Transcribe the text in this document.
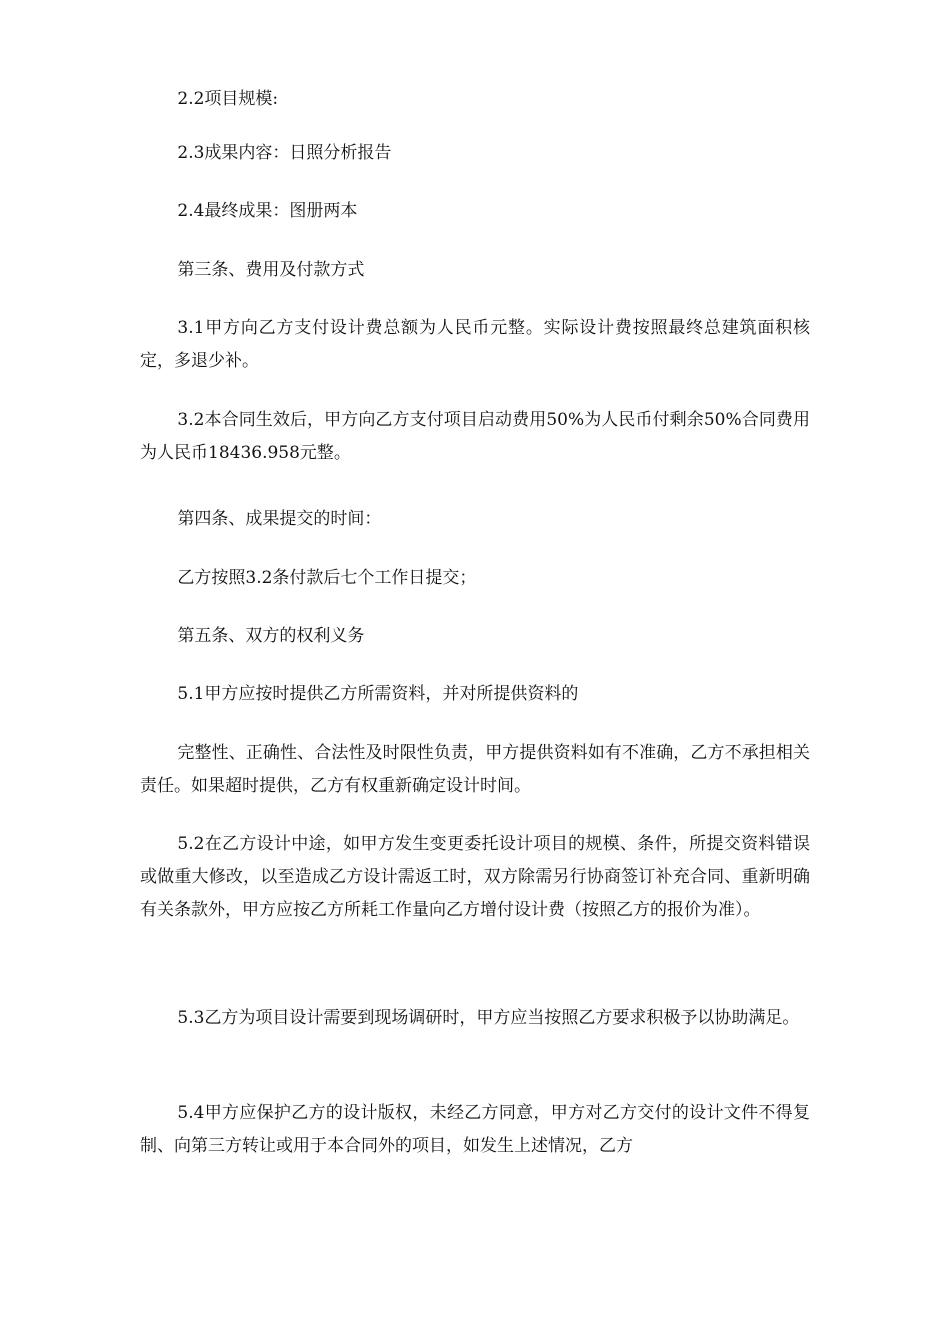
2.2项目规模:

2.3成果内容：日照分析报告

2.4最终成果：图册两本

第三条、费用及付款方式

3.1甲方向乙方支付设计费总额为人民币元整。实际设计费按照最终总建筑面积核定，多退少补。

3.2本合同生效后，甲方向乙方支付项目启动费用50%为人民币付剩余50%合同费用为人民币18436.958元整。

第四条、成果提交的时间：

乙方按照3.2条付款后七个工作日提交；

第五条、双方的权利义务

5.1甲方应按时提供乙方所需资料，并对所提供资料的

完整性、正确性、合法性及时限性负责，甲方提供资料如有不准确，乙方不承担相关责任。如果超时提供，乙方有权重新确定设计时间。

5.2在乙方设计中途，如甲方发生变更委托设计项目的规模、条件，所提交资料错误或做重大修改，以至造成乙方设计需返工时，双方除需另行协商签订补充合同、重新明确有关条款外，甲方应按乙方所耗工作量向乙方增付设计费（按照乙方的报价为准）。

5.3乙方为项目设计需要到现场调研时，甲方应当按照乙方要求积极予以协助满足。

5.4甲方应保护乙方的设计版权，未经乙方同意，甲方对乙方交付的设计文件不得复制、向第三方转让或用于本合同外的项目，如发生上述情况，乙方
